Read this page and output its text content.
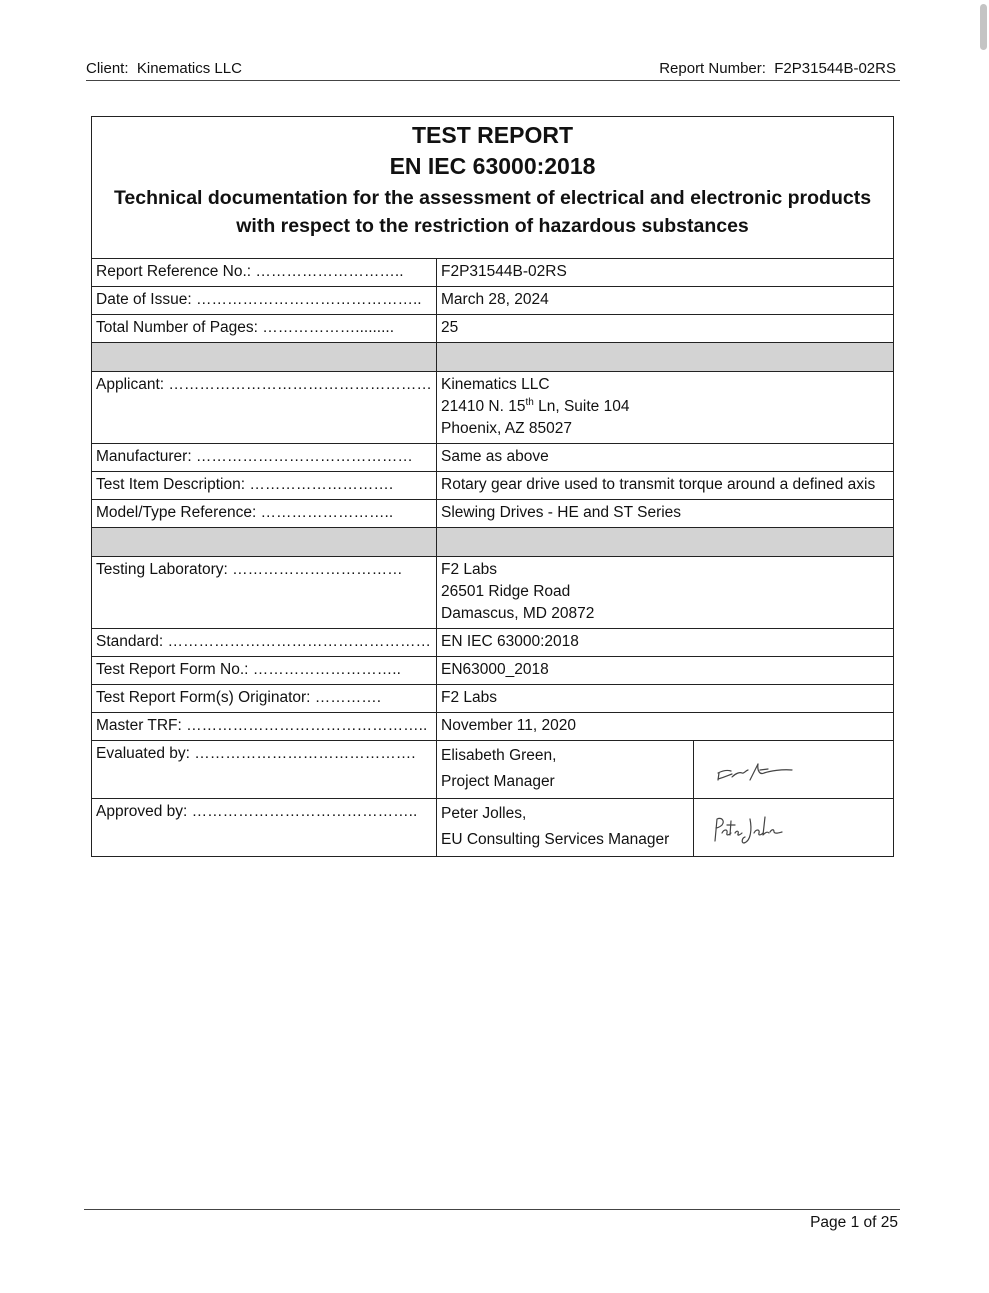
Client:  Kinematics LLC	Report Number:  F2P31544B-02RS
TEST REPORT
EN IEC 63000:2018
Technical documentation for the assessment of electrical and electronic products with respect to the restriction of hazardous substances		

Report Reference No.: ………………………..	F2P31544B-02RS	
Date of Issue: ……………………………………..	March 28, 2024	
Total Number of Pages: ……………….........	25	

Applicant: ……………………………………………	Kinematics LLC
21410 N. 15th Ln, Suite 104
Phoenix, AZ 85027	

Manufacturer: ……………………………………	Same as above	
Test Item Description: ……………………….	Rotary gear drive used to transmit torque around a defined axis	
Model/Type Reference: ……………………..	Slewing Drives - HE and ST Series	

Testing Laboratory: ……………………………	F2 Labs
26501 Ridge Road
Damascus, MD 20872	

Standard: ……………………………………………	EN IEC 63000:2018	
Test Report Form No.: ………………………..	EN63000_2018	
Test Report Form(s) Originator: ………….	F2 Labs	
Master TRF: ………………………………………..	November 11, 2020	
Evaluated by: …………………………………….	Elisabeth Green,
Project Manager

Approved by: ……………………………………..	Peter Jolles,
EU Consulting Services Manager

Page 1 of 25
